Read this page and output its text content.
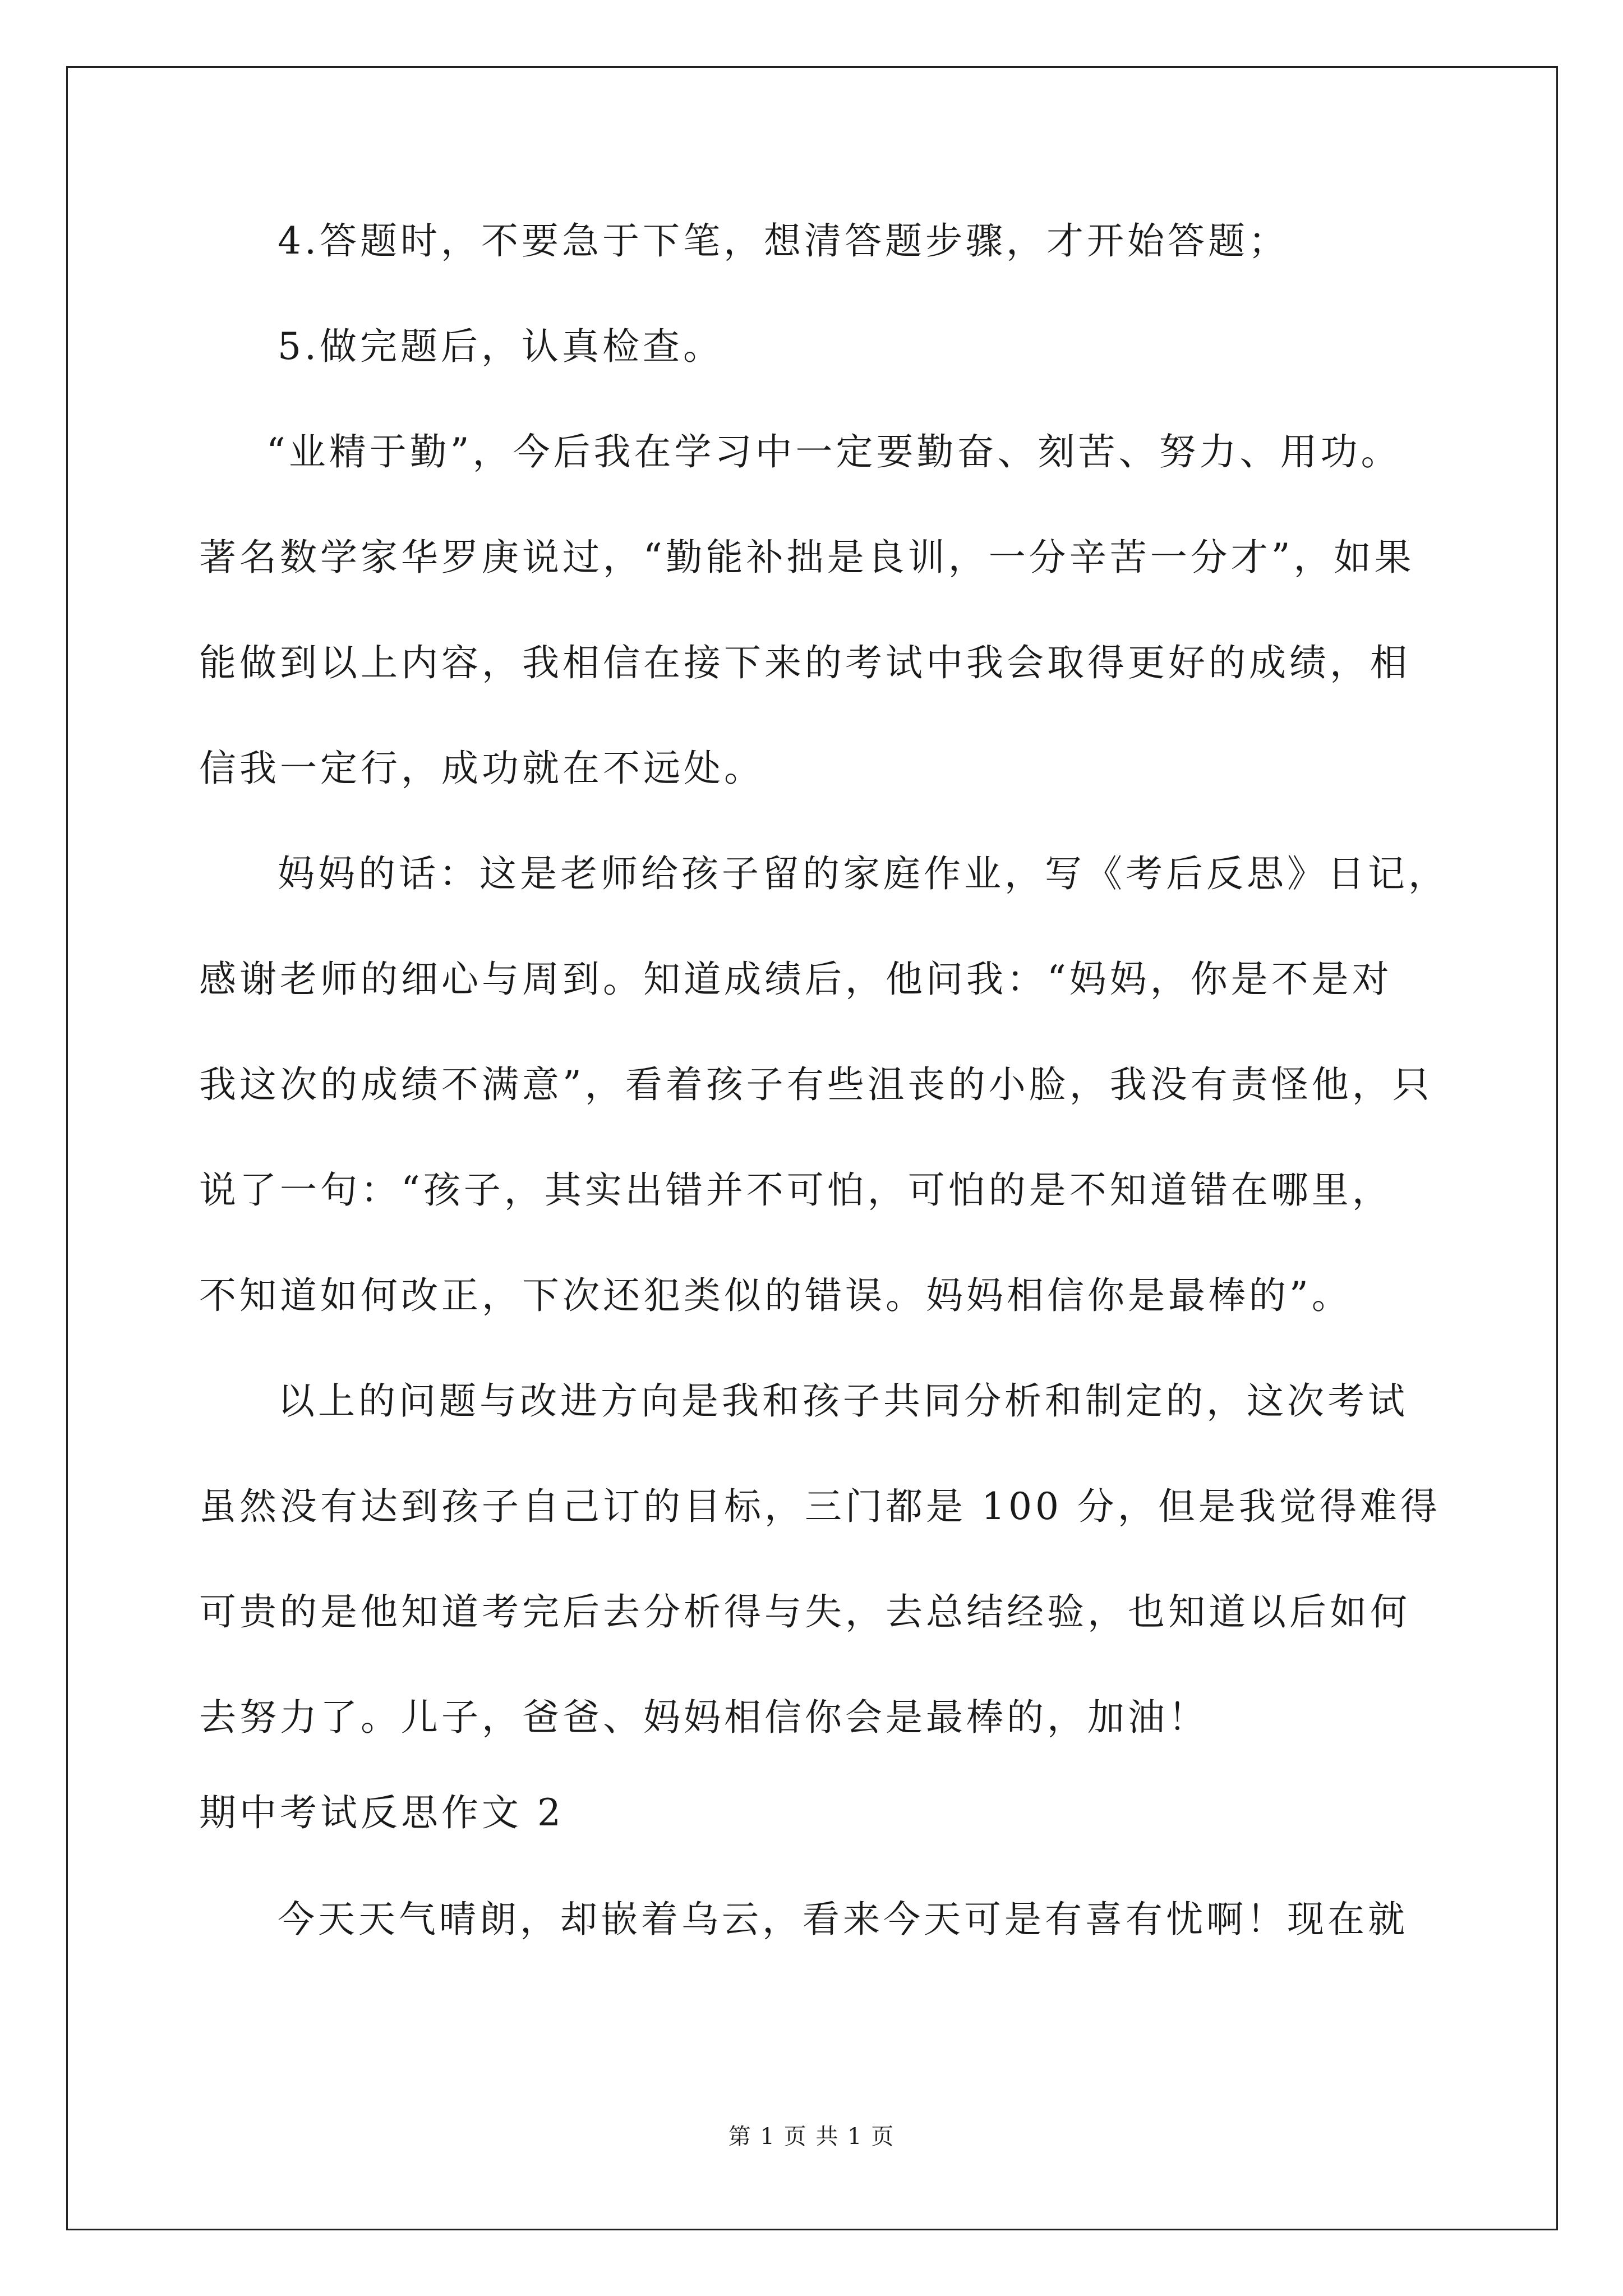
4.答题时，不要急于下笔，想清答题步骤，才开始答题；
5.做完题后，认真检查。
“业精于勤”，今后我在学习中一定要勤奋、刻苦、努力、用功。
著名数学家华罗庚说过，“勤能补拙是良训，一分辛苦一分才”，如果
能做到以上内容，我相信在接下来的考试中我会取得更好的成绩，相
信我一定行，成功就在不远处。
妈妈的话：这是老师给孩子留的家庭作业，写《考后反思》日记，
感谢老师的细心与周到。知道成绩后，他问我：“妈妈，你是不是对
我这次的成绩不满意”，看着孩子有些沮丧的小脸，我没有责怪他，只
说了一句：“孩子，其实出错并不可怕，可怕的是不知道错在哪里，
不知道如何改正，下次还犯类似的错误。妈妈相信你是最棒的”。
以上的问题与改进方向是我和孩子共同分析和制定的，这次考试
虽然没有达到孩子自己订的目标，三门都是 100 分，但是我觉得难得
可贵的是他知道考完后去分析得与失，去总结经验，也知道以后如何
去努力了。儿子，爸爸、妈妈相信你会是最棒的，加油！
期中考试反思作文 2
今天天气晴朗，却嵌着乌云，看来今天可是有喜有忧啊！现在就
第 1 页 共 1 页
